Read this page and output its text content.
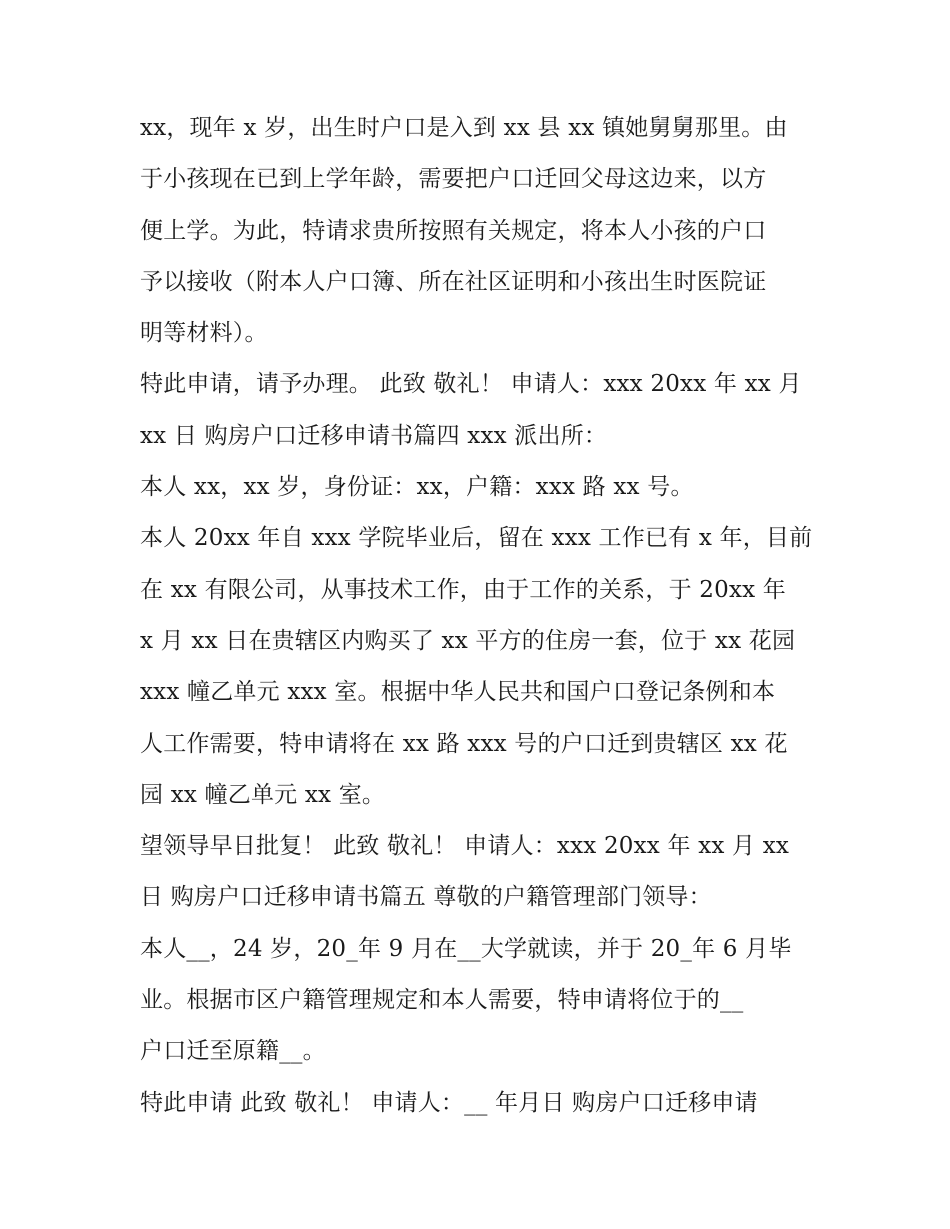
xx，现年 x 岁，出生时户口是入到 xx 县 xx 镇她舅舅那里。由
于小孩现在已到上学年龄，需要把户口迁回父母这边来，以方
便上学。为此，特请求贵所按照有关规定，将本人小孩的户口
予以接收（附本人户口簿、所在社区证明和小孩出生时医院证
明等材料）。

特此申请，请予办理。 此致 敬礼！ 申请人：xxx 20xx 年 xx 月
xx 日 购房户口迁移申请书篇四 xxx 派出所：

本人 xx，xx 岁，身份证：xx，户籍：xxx 路 xx 号。

本人 20xx 年自 xxx 学院毕业后，留在 xxx 工作已有 x 年，目前
在 xx 有限公司，从事技术工作，由于工作的关系，于 20xx 年
x 月 xx 日在贵辖区内购买了 xx 平方的住房一套，位于 xx 花园
xxx 幢乙单元 xxx 室。根据中华人民共和国户口登记条例和本
人工作需要，特申请将在 xx 路 xxx 号的户口迁到贵辖区 xx 花
园 xx 幢乙单元 xx 室。

望领导早日批复！ 此致 敬礼！ 申请人：xxx 20xx 年 xx 月 xx
日 购房户口迁移申请书篇五 尊敬的户籍管理部门领导：

本人__，24 岁，20_年 9 月在__大学就读，并于 20_年 6 月毕
业。根据市区户籍管理规定和本人需要，特申请将位于的__
户口迁至原籍__。

特此申请 此致 敬礼！ 申请人：__ 年月日 购房户口迁移申请
